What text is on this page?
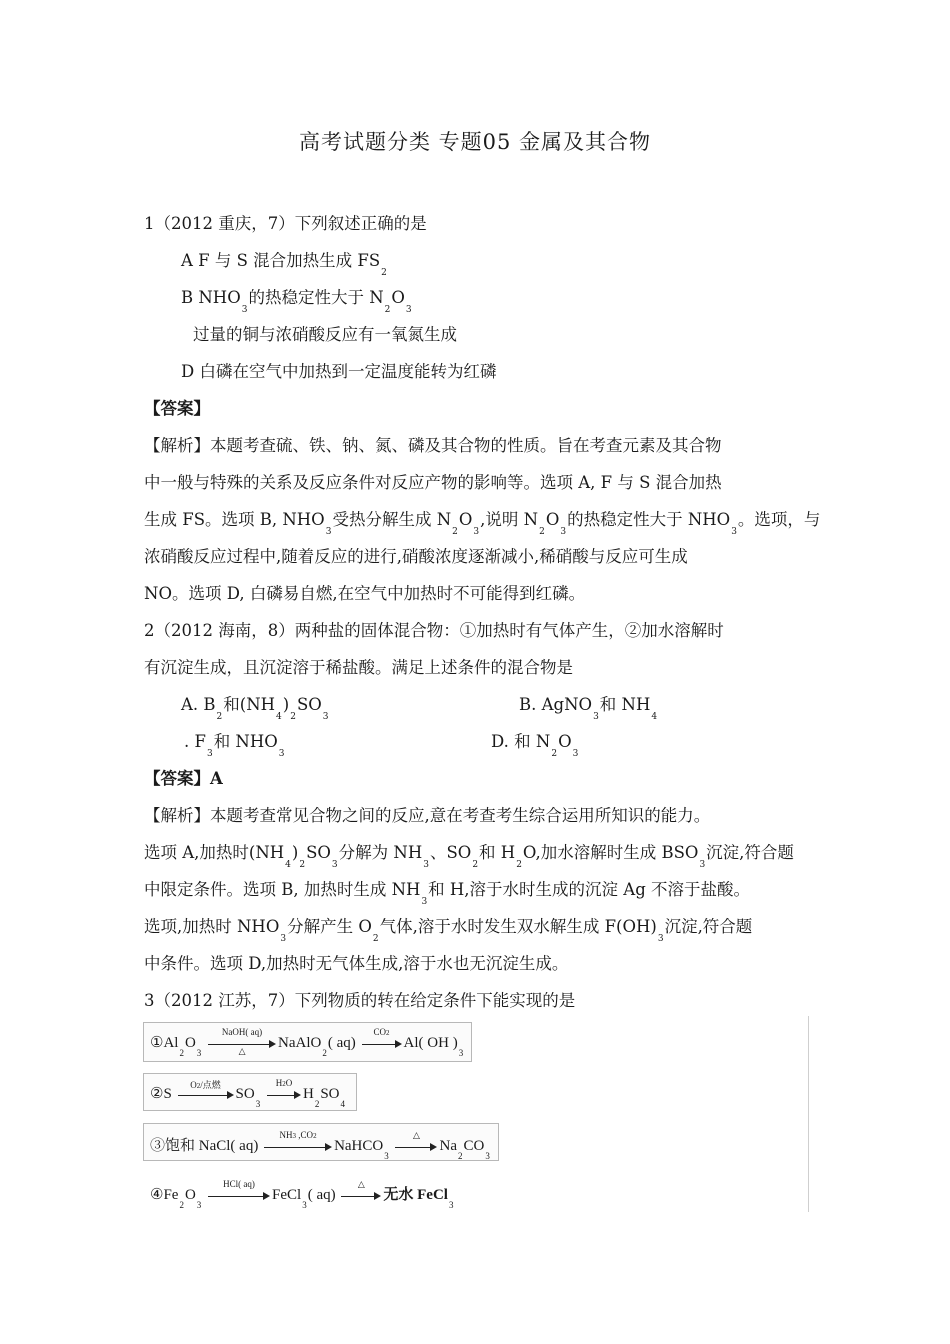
高考试题分类 专题05 金属及其合物
1（2012 重庆，7）下列叙述正确的是
A F 与 S 混合加热生成 $FS_2$
B $NHO_3$的热稳定性大于 $N_2O_3$
过量的铜与浓硝酸反应有一氧氮生成
D 白磷在空气中加热到一定温度能转为红磷
【答案】
【解析】本题考查硫、铁、钠、氮、磷及其合物的性质。旨在考查元素及其合物
中一般与特殊的关系及反应条件对反应产物的影响等。选项 A, F 与 S 混合加热
生成 FS。选项 B, $NHO_3$受热分解生成 $N_2O_3$,说明 $N_2O_3$的热稳定性大于 $NHO_3$。选项，与
浓硝酸反应过程中,随着反应的进行,硝酸浓度逐渐减小,稀硝酸与反应可生成
NO。选项 D, 白磷易自燃,在空气中加热时不可能得到红磷。
2（2012 海南，8）两种盐的固体混合物：①加热时有气体产生，②加水溶解时
有沉淀生成，且沉淀溶于稀盐酸。满足上述条件的混合物是
A. $B_2$和$(NH_4)_2SO_3$
B. AgNO$_3$和 $NH_4$
. $F_3$和 $NHO_3$
D. 和 $N_2O_3$
【答案】A
【解析】本题考查常见合物之间的反应,意在考查考生综合运用所知识的能力。
选项 A,加热时$(NH_4)_2SO_3$分解为 $NH_3$、$SO_2$和 $H_2O$,加水溶解时生成 $BSO_3$沉淀,符合题
中限定条件。选项 B, 加热时生成 $NH_3$和 H,溶于水时生成的沉淀 Ag 不溶于盐酸。
选项,加热时 $NHO_3$分解产生 $O_2$气体,溶于水时发生双水解生成 $F(OH)_3$沉淀,符合题
中条件。选项 D,加热时无气体生成,溶于水也无沉淀生成。
3（2012 江苏，7）下列物质的转在给定条件下能实现的是
$①Al_2O_3$
NaOH( aq)
△	NaAlO$_2$( aq)
CO2
Al( OH )$_3$
②S
O2/点燃
$SO_3$
H2O
$H_2SO_4$
③饱和 NaCl( aq)
NH3 ,CO2
NaHCO$_3$
△
$Na_2CO_3$
$④Fe_2O_3$
HCl( aq)
FeCl$_3$( aq)
△
无水 FeCl$_3$
